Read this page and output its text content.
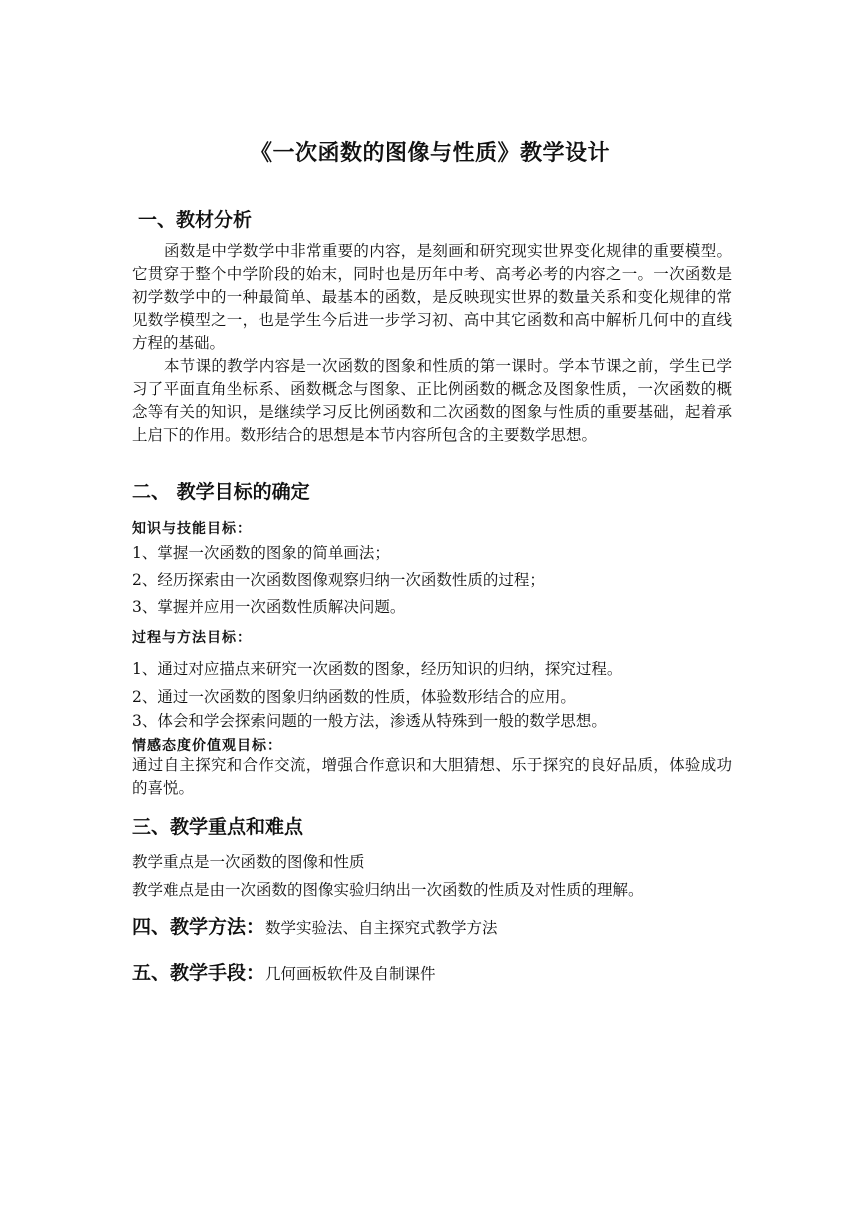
《一次函数的图像与性质》教学设计
一、教材分析

函数是中学数学中非常重要的内容，是刻画和研究现实世界变化规律的重要模型。它贯穿于整个中学阶段的始末，同时也是历年中考、高考必考的内容之一。一次函数是初学数学中的一种最简单、最基本的函数，是反映现实世界的数量关系和变化规律的常见数学模型之一，也是学生今后进一步学习初、高中其它函数和高中解析几何中的直线方程的基础。

本节课的教学内容是一次函数的图象和性质的第一课时。学本节课之前，学生已学习了平面直角坐标系、函数概念与图象、正比例函数的概念及图象性质，一次函数的概念等有关的知识，是继续学习反比例函数和二次函数的图象与性质的重要基础，起着承上启下的作用。数形结合的思想是本节内容所包含的主要数学思想。

二、 教学目标的确定
知识与技能目标：
1、掌握一次函数的图象的简单画法；
2、经历探索由一次函数图像观察归纳一次函数性质的过程；
3、掌握并应用一次函数性质解决问题。
过程与方法目标：
1、通过对应描点来研究一次函数的图象，经历知识的归纳，探究过程。
2、通过一次函数的图象归纳函数的性质，体验数形结合的应用。
3、体会和学会探索问题的一般方法，渗透从特殊到一般的数学思想。
情感态度价值观目标：

通过自主探究和合作交流，增强合作意识和大胆猜想、乐于探究的良好品质，体验成功的喜悦。

三、教学重点和难点
教学重点是一次函数的图像和性质
教学难点是由一次函数的图像实验归纳出一次函数的性质及对性质的理解。
四、教学方法：数学实验法、自主探究式教学方法
五、教学手段：几何画板软件及自制课件
